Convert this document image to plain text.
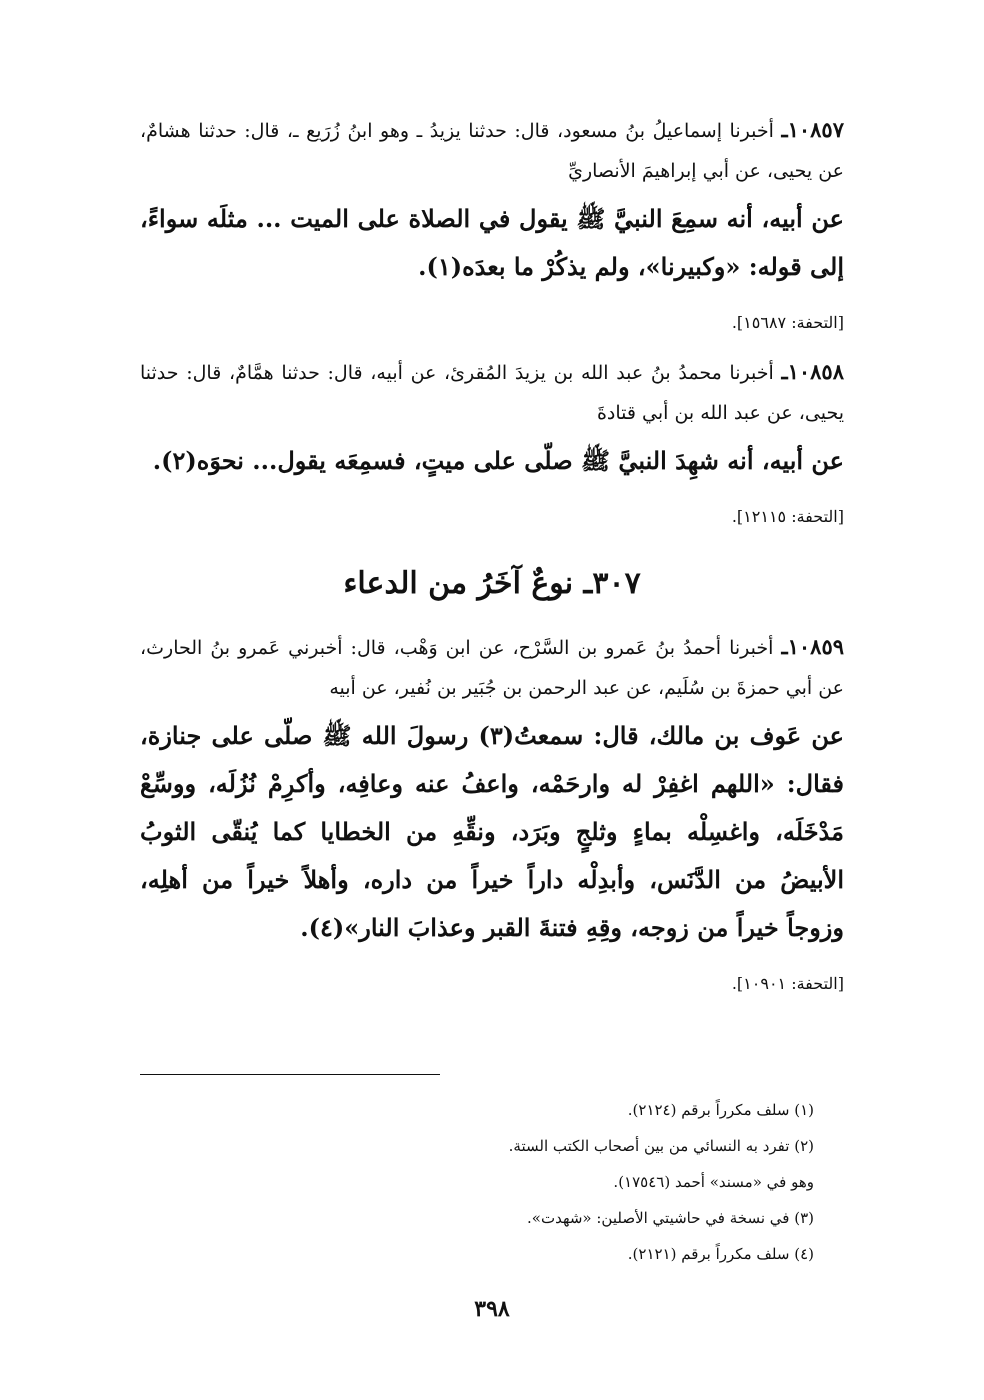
١٠٨٥٧ـ أخبرنا إسماعيلُ بنُ مسعود، قال: حدثنا يزيدُ ـ وهو ابنُ زُرَيع ـ، قال: حدثنا هشامٌ، عن يحيى، عن أبي إبراهيمَ الأنصاريِّ

عن أبيه، أنه سمِعَ النبيَّ ﷺ يقول في الصلاة على الميت ... مثلَه سواءً، إلى قوله: «وكبيرنا»، ولم يذكُرْ ما بعدَه(١).

[التحفة: ١٥٦٨٧].

١٠٨٥٨ـ أخبرنا محمدُ بنُ عبد الله بن يزيدَ المُقرئ، عن أبيه، قال: حدثنا همَّامٌ، قال: حدثنا يحيى، عن عبد الله بن أبي قتادةَ

عن أبيه، أنه شهِدَ النبيَّ ﷺ صلّى على ميتٍ، فسمِعَه يقول... نحوَه(٢).

[التحفة: ١٢١١٥].
٣٠٧ـ نوعٌ آخَرُ من الدعاء

١٠٨٥٩ـ أخبرنا أحمدُ بنُ عَمرو بن السَّرْح، عن ابن وَهْب، قال: أخبرني عَمرو بنُ الحارث، عن أبي حمزةَ بن سُلَيم، عن عبد الرحمن بن جُبَير بن نُفير، عن أبيه

عن عَوف بن مالك، قال: سمعتُ(٣) رسولَ الله ﷺ صلّى على جنازة، فقال: «اللهم اغفِرْ له وارحَمْه، واعفُ عنه وعافِه، وأكرِمْ نُزُلَه، ووسِّعْ مَدْخَلَه، واغسِلْه بماءٍ وثلجٍ وبَرَد، ونقِّهِ من الخطايا كما يُنقّى الثوبُ الأبيضُ من الدَّنَس، وأبدِلْه داراً خيراً من داره، وأهلاً خيراً من أهلِه، وزوجاً خيراً من زوجه، وقِهِ فتنةَ القبر وعذابَ النار»(٤).

[التحفة: ١٠٩٠١].
(١) سلف مكرراً برقم (٢١٢٤).
(٢) تفرد به النسائي من بين أصحاب الكتب الستة.
وهو في «مسند» أحمد (١٧٥٤٦).
(٣) في نسخة في حاشيتي الأصلين: «شهدت».
(٤) سلف مكرراً برقم (٢١٢١).
٣٩٨
